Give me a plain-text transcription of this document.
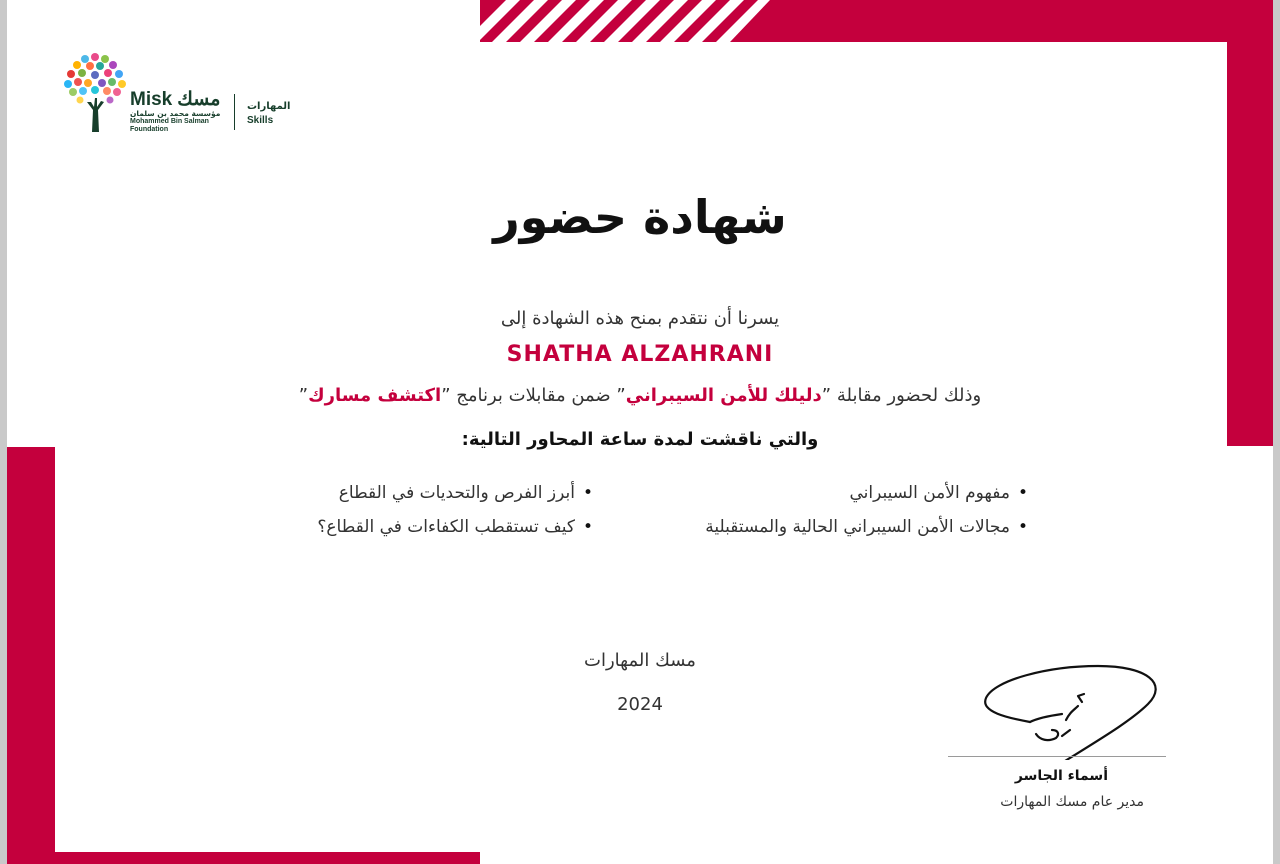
Misk مسك
مؤسسة محمد بن سلمان
Mohammed Bin Salman
Foundation
المهارات
Skills
شهادة حضور
يسرنا أن نتقدم بمنح هذه الشهادة إلى
SHATHA ALZAHRANI
وذلك لحضور مقابلة ”دليلك للأمن السيبراني” ضمن مقابلات برنامج ”اكتشف مسارك”
والتي ناقشت لمدة ساعة المحاور التالية:
• مفهوم الأمن السيبراني
• مجالات الأمن السيبراني الحالية والمستقبلية
• أبرز الفرص والتحديات في القطاع
• كيف تستقطب الكفاءات في القطاع؟
مسك المهارات
2024
أسماء الجاسر
مدير عام مسك المهارات
